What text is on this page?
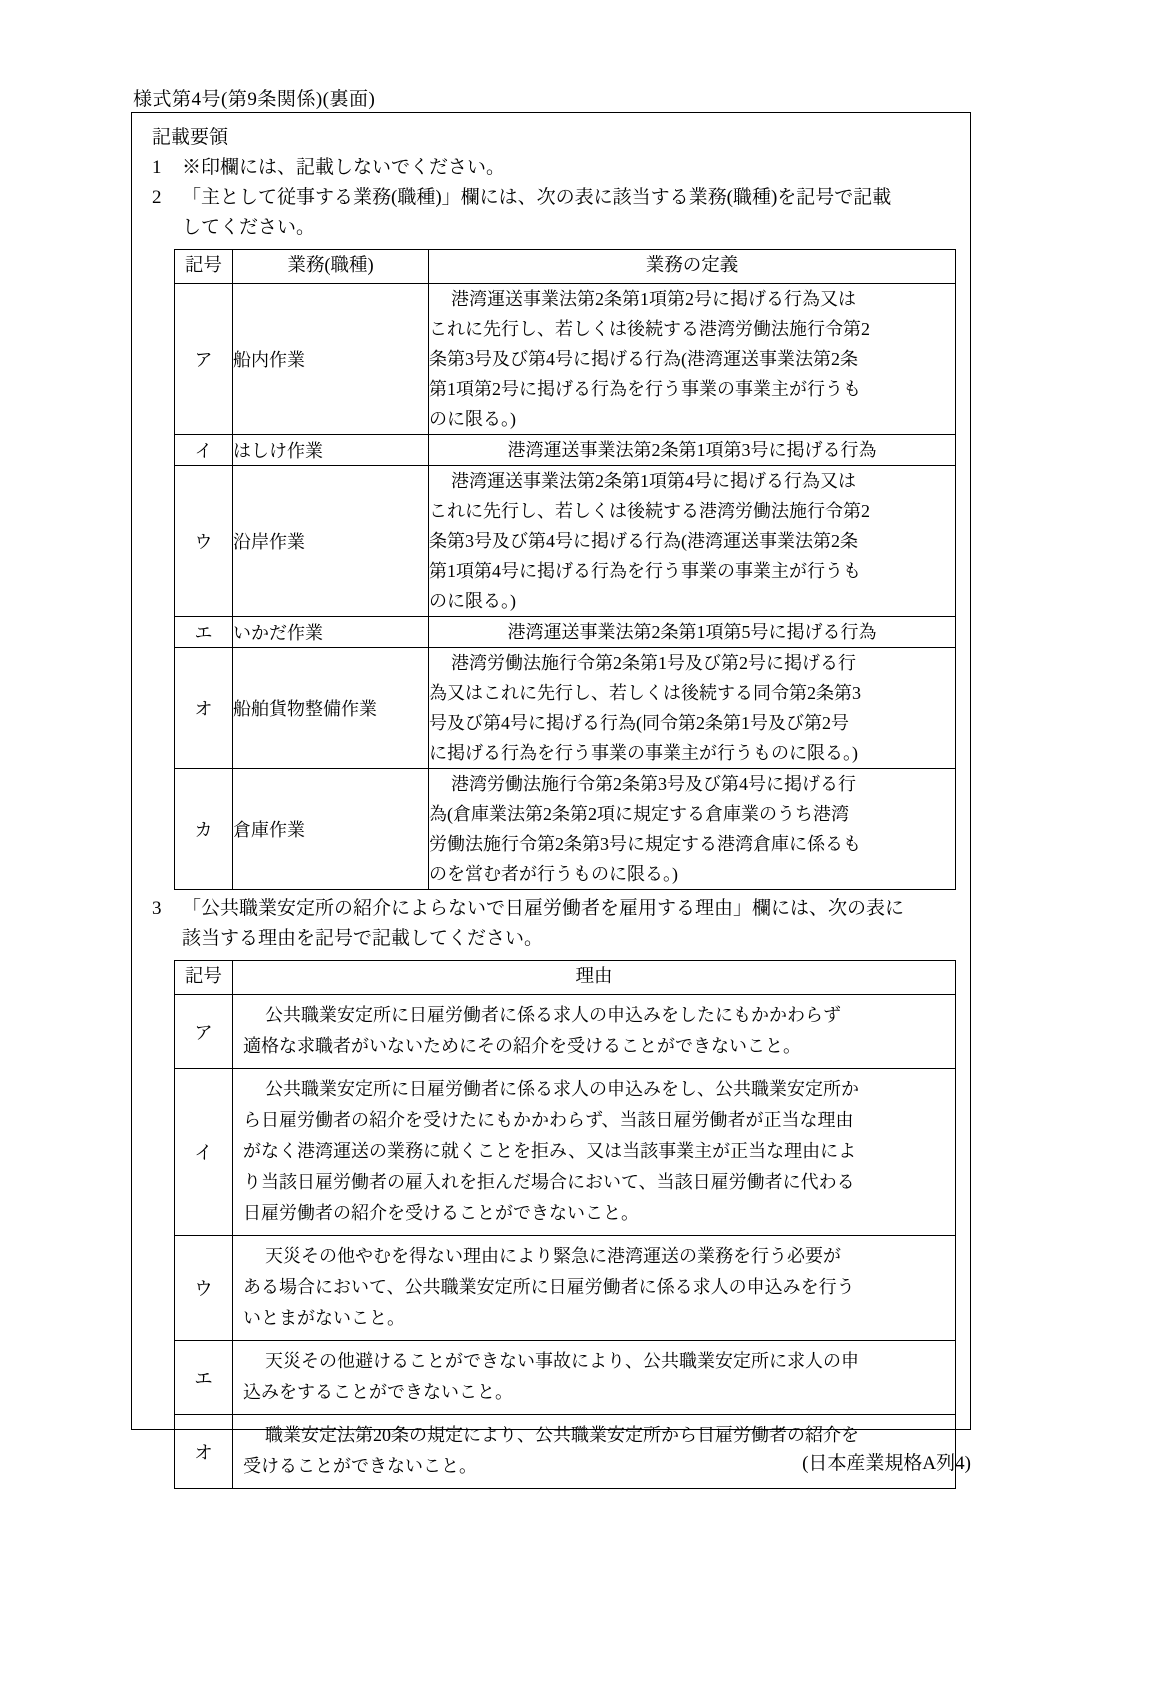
様式第4号(第9条関係)(裏面)
記載要領
1	※印欄には、記載しないでください。
2	「主として従事する業務(職種)」欄には、次の表に該当する業務(職種)を記号で記載
してください。
記号	業務(職種)	業務の定義
ア	船内作業	港湾運送事業法第2条第1項第2号に掲げる行為又は
これに先行し、若しくは後続する港湾労働法施行令第2
条第3号及び第4号に掲げる行為(港湾運送事業法第2条
第1項第2号に掲げる行為を行う事業の事業主が行うも
のに限る。)

イ	はしけ作業	港湾運送事業法第2条第1項第3号に掲げる行為

ウ	沿岸作業	港湾運送事業法第2条第1項第4号に掲げる行為又は
これに先行し、若しくは後続する港湾労働法施行令第2
条第3号及び第4号に掲げる行為(港湾運送事業法第2条
第1項第4号に掲げる行為を行う事業の事業主が行うも
のに限る。)

エ	いかだ作業	港湾運送事業法第2条第1項第5号に掲げる行為

オ	船舶貨物整備作業	港湾労働法施行令第2条第1号及び第2号に掲げる行
為又はこれに先行し、若しくは後続する同令第2条第3
号及び第4号に掲げる行為(同令第2条第1号及び第2号
に掲げる行為を行う事業の事業主が行うものに限る。)

カ	倉庫作業	港湾労働法施行令第2条第3号及び第4号に掲げる行
為(倉庫業法第2条第2項に規定する倉庫業のうち港湾
労働法施行令第2条第3号に規定する港湾倉庫に係るも
のを営む者が行うものに限る。)
3	「公共職業安定所の紹介によらないで日雇労働者を雇用する理由」欄には、次の表に
該当する理由を記号で記載してください。
記号	理由
ア	公共職業安定所に日雇労働者に係る求人の申込みをしたにもかかわらず
適格な求職者がいないためにその紹介を受けることができないこと。

イ	公共職業安定所に日雇労働者に係る求人の申込みをし、公共職業安定所か
ら日雇労働者の紹介を受けたにもかかわらず、当該日雇労働者が正当な理由
がなく港湾運送の業務に就くことを拒み、又は当該事業主が正当な理由によ
り当該日雇労働者の雇入れを拒んだ場合において、当該日雇労働者に代わる
日雇労働者の紹介を受けることができないこと。

ウ	天災その他やむを得ない理由により緊急に港湾運送の業務を行う必要が
ある場合において、公共職業安定所に日雇労働者に係る求人の申込みを行う
いとまがないこと。

エ	天災その他避けることができない事故により、公共職業安定所に求人の申
込みをすることができないこと。

オ	職業安定法第20条の規定により、公共職業安定所から日雇労働者の紹介を
受けることができないこと。	(日本産業規格A列4)
